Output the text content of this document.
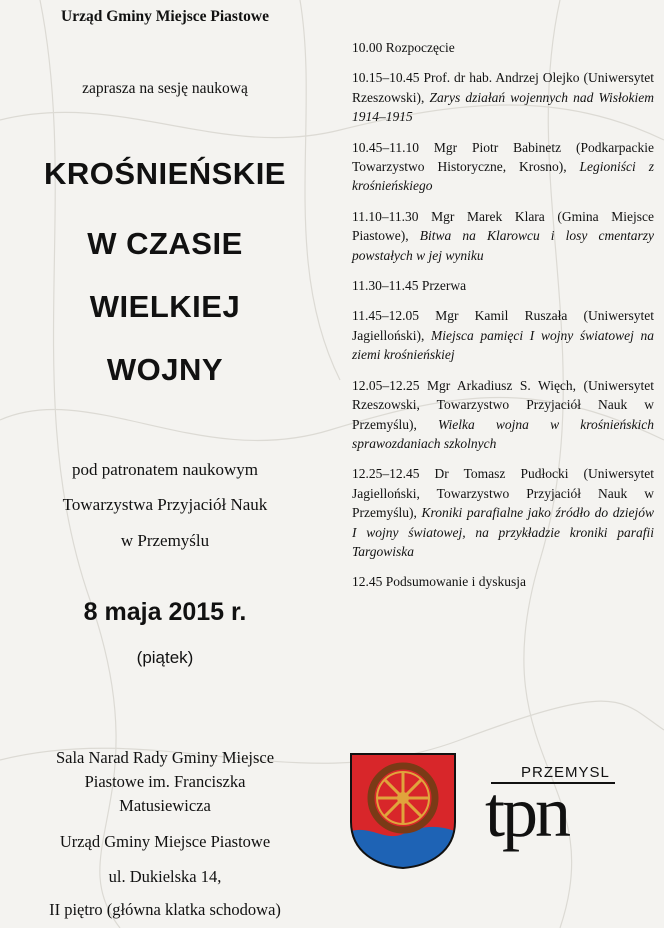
Urząd Gminy Miejsce Piastowe

zaprasza na sesję naukową

KROŚNIEŃSKIE

W CZASIE

WIELKIEJ

WOJNY

pod patronatem naukowym

Towarzystwa Przyjaciół Nauk

w Przemyślu

8 maja 2015 r.

(piątek)

Sala Narad Rady Gminy Miejsce

Piastowe im. Franciszka

Matusiewicza

Urząd Gminy Miejsce Piastowe

ul. Dukielska 14,

II piętro (główna klatka schodowa)

10.00 Rozpoczęcie

10.15–10.45 Prof. dr hab. Andrzej Olejko (Uniwersytet Rzeszowski), Zarys działań wojennych nad Wisłokiem 1914–1915

10.45–11.10 Mgr Piotr Babinetz (Podkarpackie Towarzystwo Historyczne, Krosno), Legioniści z krośnieńskiego

11.10–11.30 Mgr Marek Klara (Gmina Miejsce Piastowe), Bitwa na Klarowcu i losy cmentarzy powstałych w jej wyniku

11.30–11.45 Przerwa

11.45–12.05 Mgr Kamil Ruszała (Uniwersytet Jagielloński), Miejsca pamięci I wojny światowej na ziemi krośnieńskiej

12.05–12.25 Mgr Arkadiusz S. Więch, (Uniwersytet Rzeszowski, Towarzystwo Przyjaciół Nauk w Przemyślu), Wielka wojna w krośnieńskich sprawozdaniach szkolnych

12.25–12.45 Dr Tomasz Pudłocki (Uniwersytet Jagielloński, Towarzystwo Przyjaciół Nauk w Przemyślu), Kroniki parafialne jako źródło do dziejów I wojny światowej, na przykładzie kroniki parafii Targowiska

12.45 Podsumowanie i dyskusja

PRZEMYSL
tpn
